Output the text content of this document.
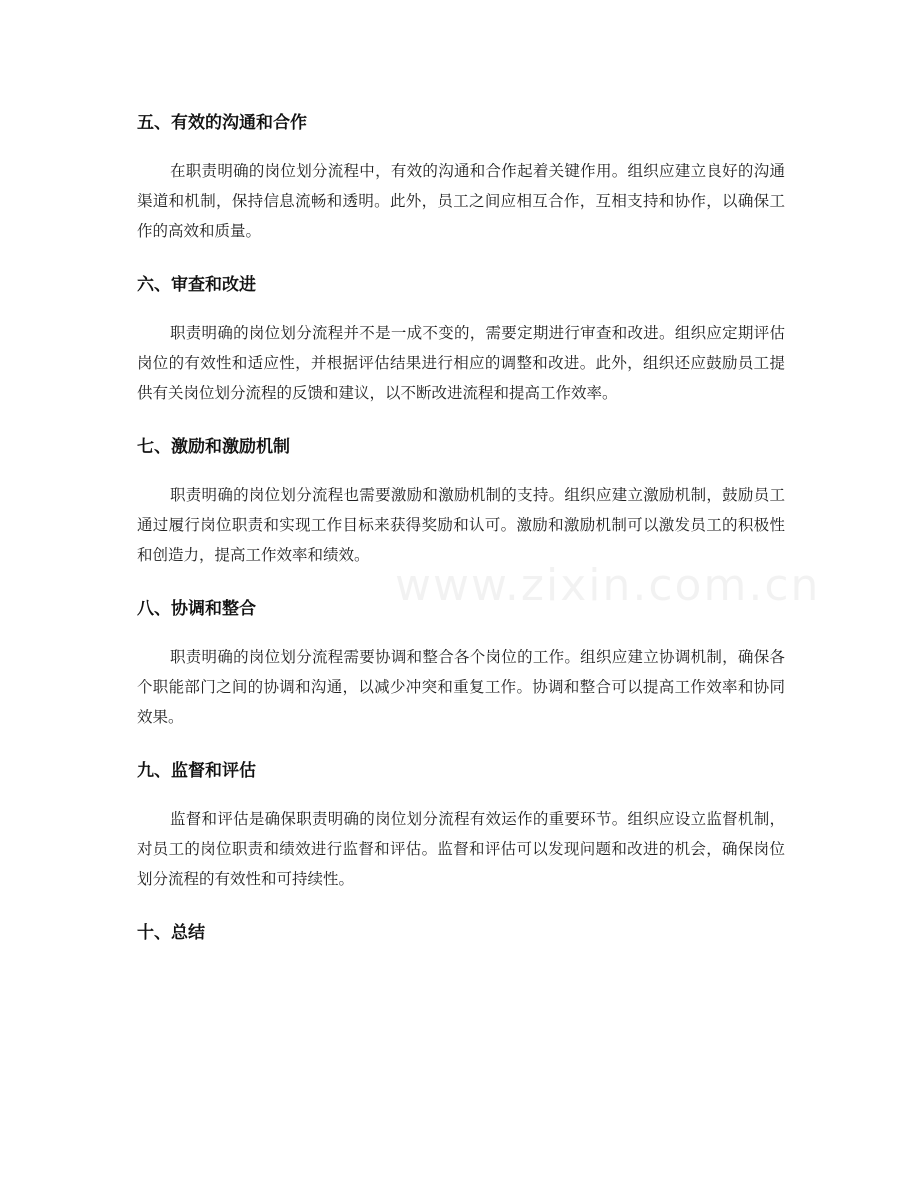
www.zixin.com.cn
五、有效的沟通和合作

在职责明确的岗位划分流程中，有效的沟通和合作起着关键作用。组织应建立良好的沟通渠道和机制，保持信息流畅和透明。此外，员工之间应相互合作，互相支持和协作，以确保工作的高效和质量。

六、审查和改进

职责明确的岗位划分流程并不是一成不变的，需要定期进行审查和改进。组织应定期评估岗位的有效性和适应性，并根据评估结果进行相应的调整和改进。此外，组织还应鼓励员工提供有关岗位划分流程的反馈和建议，以不断改进流程和提高工作效率。

七、激励和激励机制

职责明确的岗位划分流程也需要激励和激励机制的支持。组织应建立激励机制，鼓励员工通过履行岗位职责和实现工作目标来获得奖励和认可。激励和激励机制可以激发员工的积极性和创造力，提高工作效率和绩效。

八、协调和整合

职责明确的岗位划分流程需要协调和整合各个岗位的工作。组织应建立协调机制，确保各个职能部门之间的协调和沟通，以减少冲突和重复工作。协调和整合可以提高工作效率和协同效果。

九、监督和评估

监督和评估是确保职责明确的岗位划分流程有效运作的重要环节。组织应设立监督机制，对员工的岗位职责和绩效进行监督和评估。监督和评估可以发现问题和改进的机会，确保岗位划分流程的有效性和可持续性。

十、总结
